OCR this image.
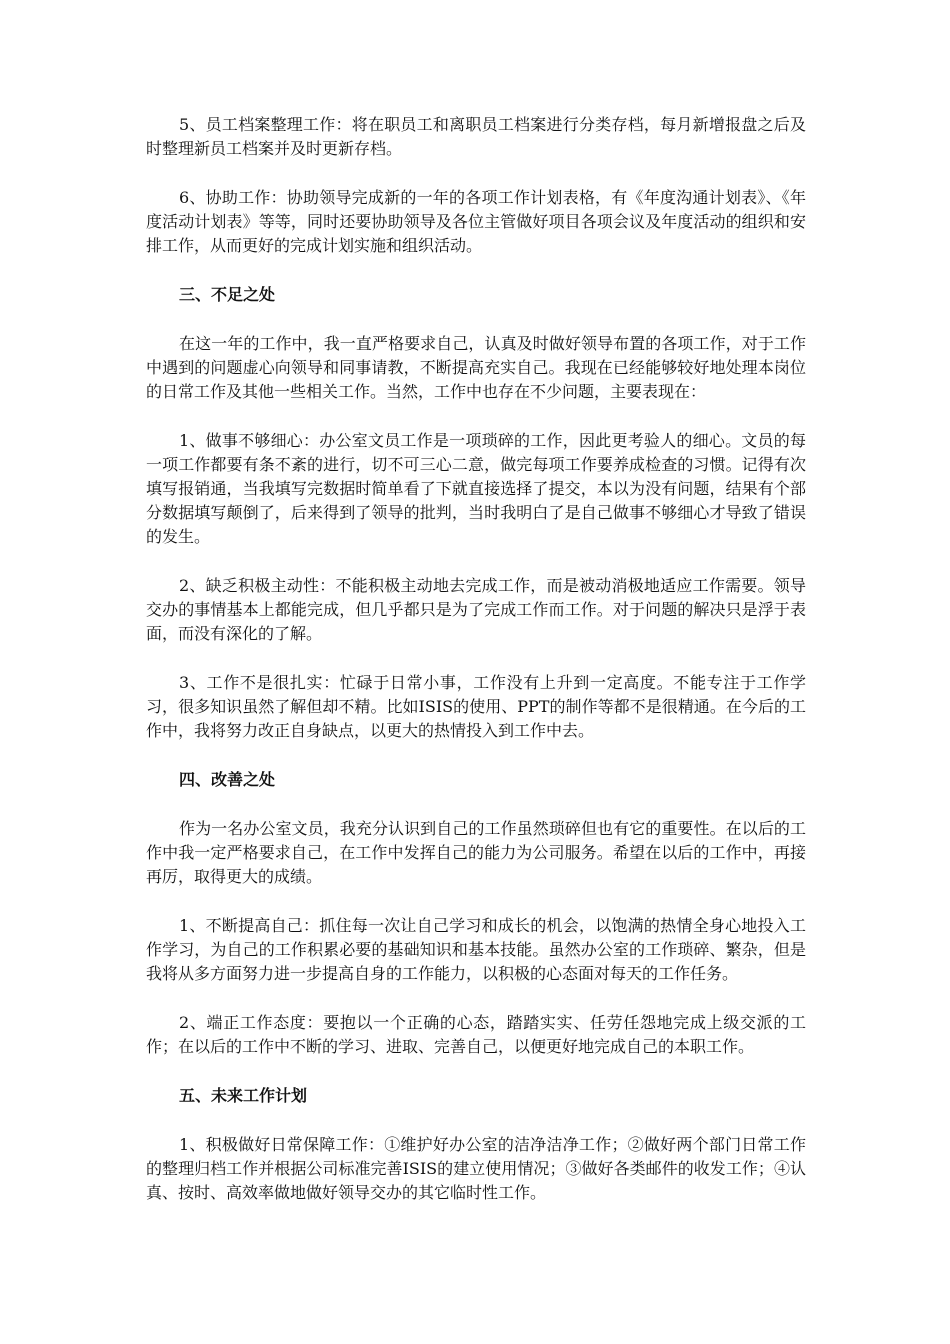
5、员工档案整理工作：将在职员工和离职员工档案进行分类存档，每月新增报盘之后及时整理新员工档案并及时更新存档。

6、协助工作：协助领导完成新的一年的各项工作计划表格，有《年度沟通计划表》、《年度活动计划表》等等，同时还要协助领导及各位主管做好项目各项会议及年度活动的组织和安排工作，从而更好的完成计划实施和组织活动。

三、不足之处

在这一年的工作中，我一直严格要求自己，认真及时做好领导布置的各项工作，对于工作中遇到的问题虚心向领导和同事请教，不断提高充实自己。我现在已经能够较好地处理本岗位的日常工作及其他一些相关工作。当然，工作中也存在不少问题，主要表现在：

1、做事不够细心：办公室文员工作是一项琐碎的工作，因此更考验人的细心。文员的每一项工作都要有条不紊的进行，切不可三心二意，做完每项工作要养成检查的习惯。记得有次填写报销通，当我填写完数据时简单看了下就直接选择了提交，本以为没有问题，结果有个部分数据填写颠倒了，后来得到了领导的批判，当时我明白了是自己做事不够细心才导致了错误的发生。

2、缺乏积极主动性：不能积极主动地去完成工作，而是被动消极地适应工作需要。领导交办的事情基本上都能完成，但几乎都只是为了完成工作而工作。对于问题的解决只是浮于表面，而没有深化的了解。

3、工作不是很扎实：忙碌于日常小事，工作没有上升到一定高度。不能专注于工作学习，很多知识虽然了解但却不精。比如ISIS的使用、PPT的制作等都不是很精通。在今后的工作中，我将努力改正自身缺点，以更大的热情投入到工作中去。

四、改善之处

作为一名办公室文员，我充分认识到自己的工作虽然琐碎但也有它的重要性。在以后的工作中我一定严格要求自己，在工作中发挥自己的能力为公司服务。希望在以后的工作中，再接再厉，取得更大的成绩。

1、不断提高自己：抓住每一次让自己学习和成长的机会，以饱满的热情全身心地投入工作学习，为自己的工作积累必要的基础知识和基本技能。虽然办公室的工作琐碎、繁杂，但是我将从多方面努力进一步提高自身的工作能力，以积极的心态面对每天的工作任务。

2、端正工作态度：要抱以一个正确的心态，踏踏实实、任劳任怨地完成上级交派的工作；在以后的工作中不断的学习、进取、完善自己，以便更好地完成自己的本职工作。

五、未来工作计划

1、积极做好日常保障工作：①维护好办公室的洁净洁净工作；②做好两个部门日常工作的整理归档工作并根据公司标准完善ISIS的建立使用情况；③做好各类邮件的收发工作；④认真、按时、高效率做地做好领导交办的其它临时性工作。
